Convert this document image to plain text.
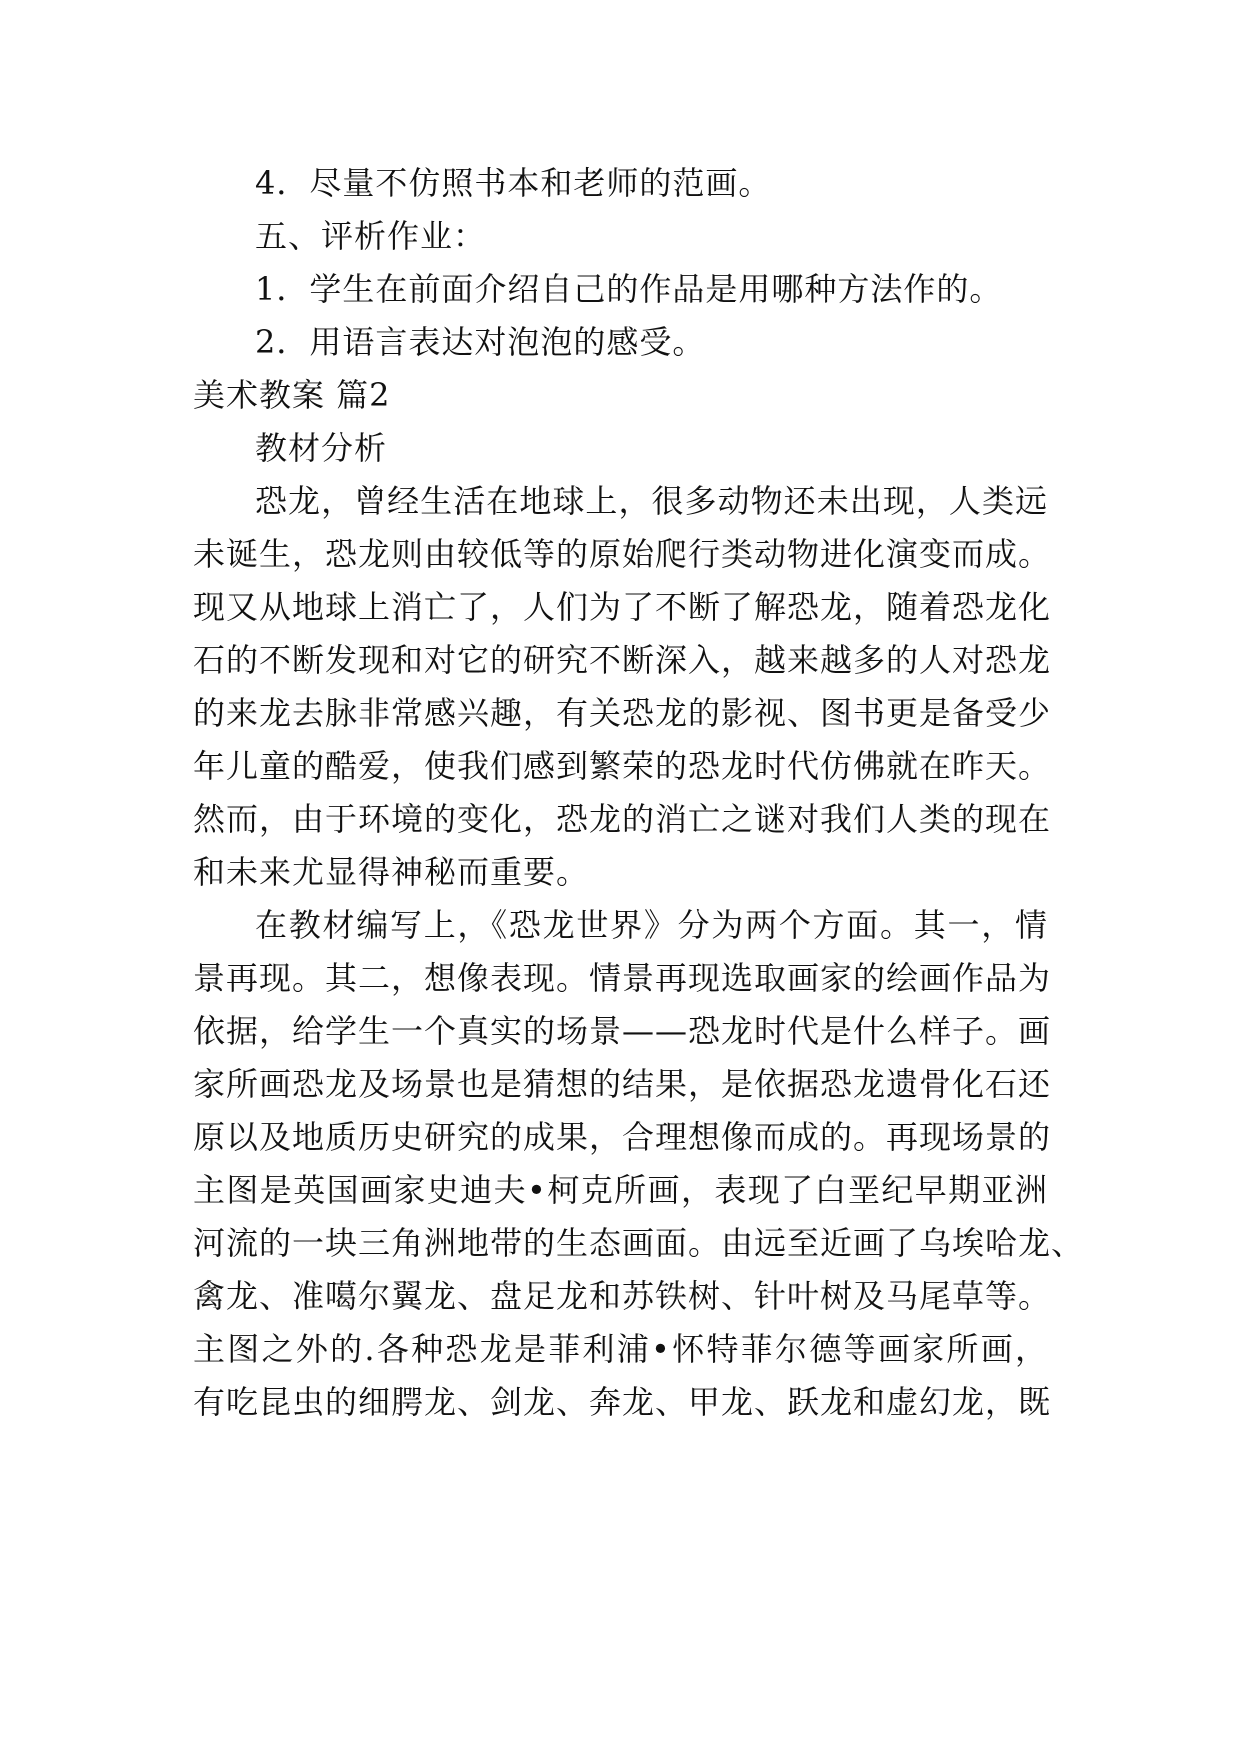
4．尽量不仿照书本和老师的范画。
五、评析作业：
1．学生在前面介绍自己的作品是用哪种方法作的。
2．用语言表达对泡泡的感受。
美术教案 篇2
教材分析
恐龙，曾经生活在地球上，很多动物还未出现，人类远
未诞生，恐龙则由较低等的原始爬行类动物进化演变而成。
现又从地球上消亡了，人们为了不断了解恐龙，随着恐龙化
石的不断发现和对它的研究不断深入，越来越多的人对恐龙
的来龙去脉非常感兴趣，有关恐龙的影视、图书更是备受少
年儿童的酷爱，使我们感到繁荣的恐龙时代仿佛就在昨天。
然而，由于环境的变化，恐龙的消亡之谜对我们人类的现在
和未来尤显得神秘而重要。
在教材编写上，《恐龙世界》分为两个方面。其一，情
景再现。其二，想像表现。情景再现选取画家的绘画作品为
依据，给学生一个真实的场景——恐龙时代是什么样子。画
家所画恐龙及场景也是猜想的结果，是依据恐龙遗骨化石还
原以及地质历史研究的成果，合理想像而成的。再现场景的
主图是英国画家史迪夫•柯克所画，表现了白垩纪早期亚洲
河流的一块三角洲地带的生态画面。由远至近画了乌埃哈龙、
禽龙、准噶尔翼龙、盘足龙和苏铁树、针叶树及马尾草等。
主图之外的.各种恐龙是菲利浦•怀特菲尔德等画家所画，
有吃昆虫的细腭龙、剑龙、奔龙、甲龙、跃龙和虚幻龙，既
